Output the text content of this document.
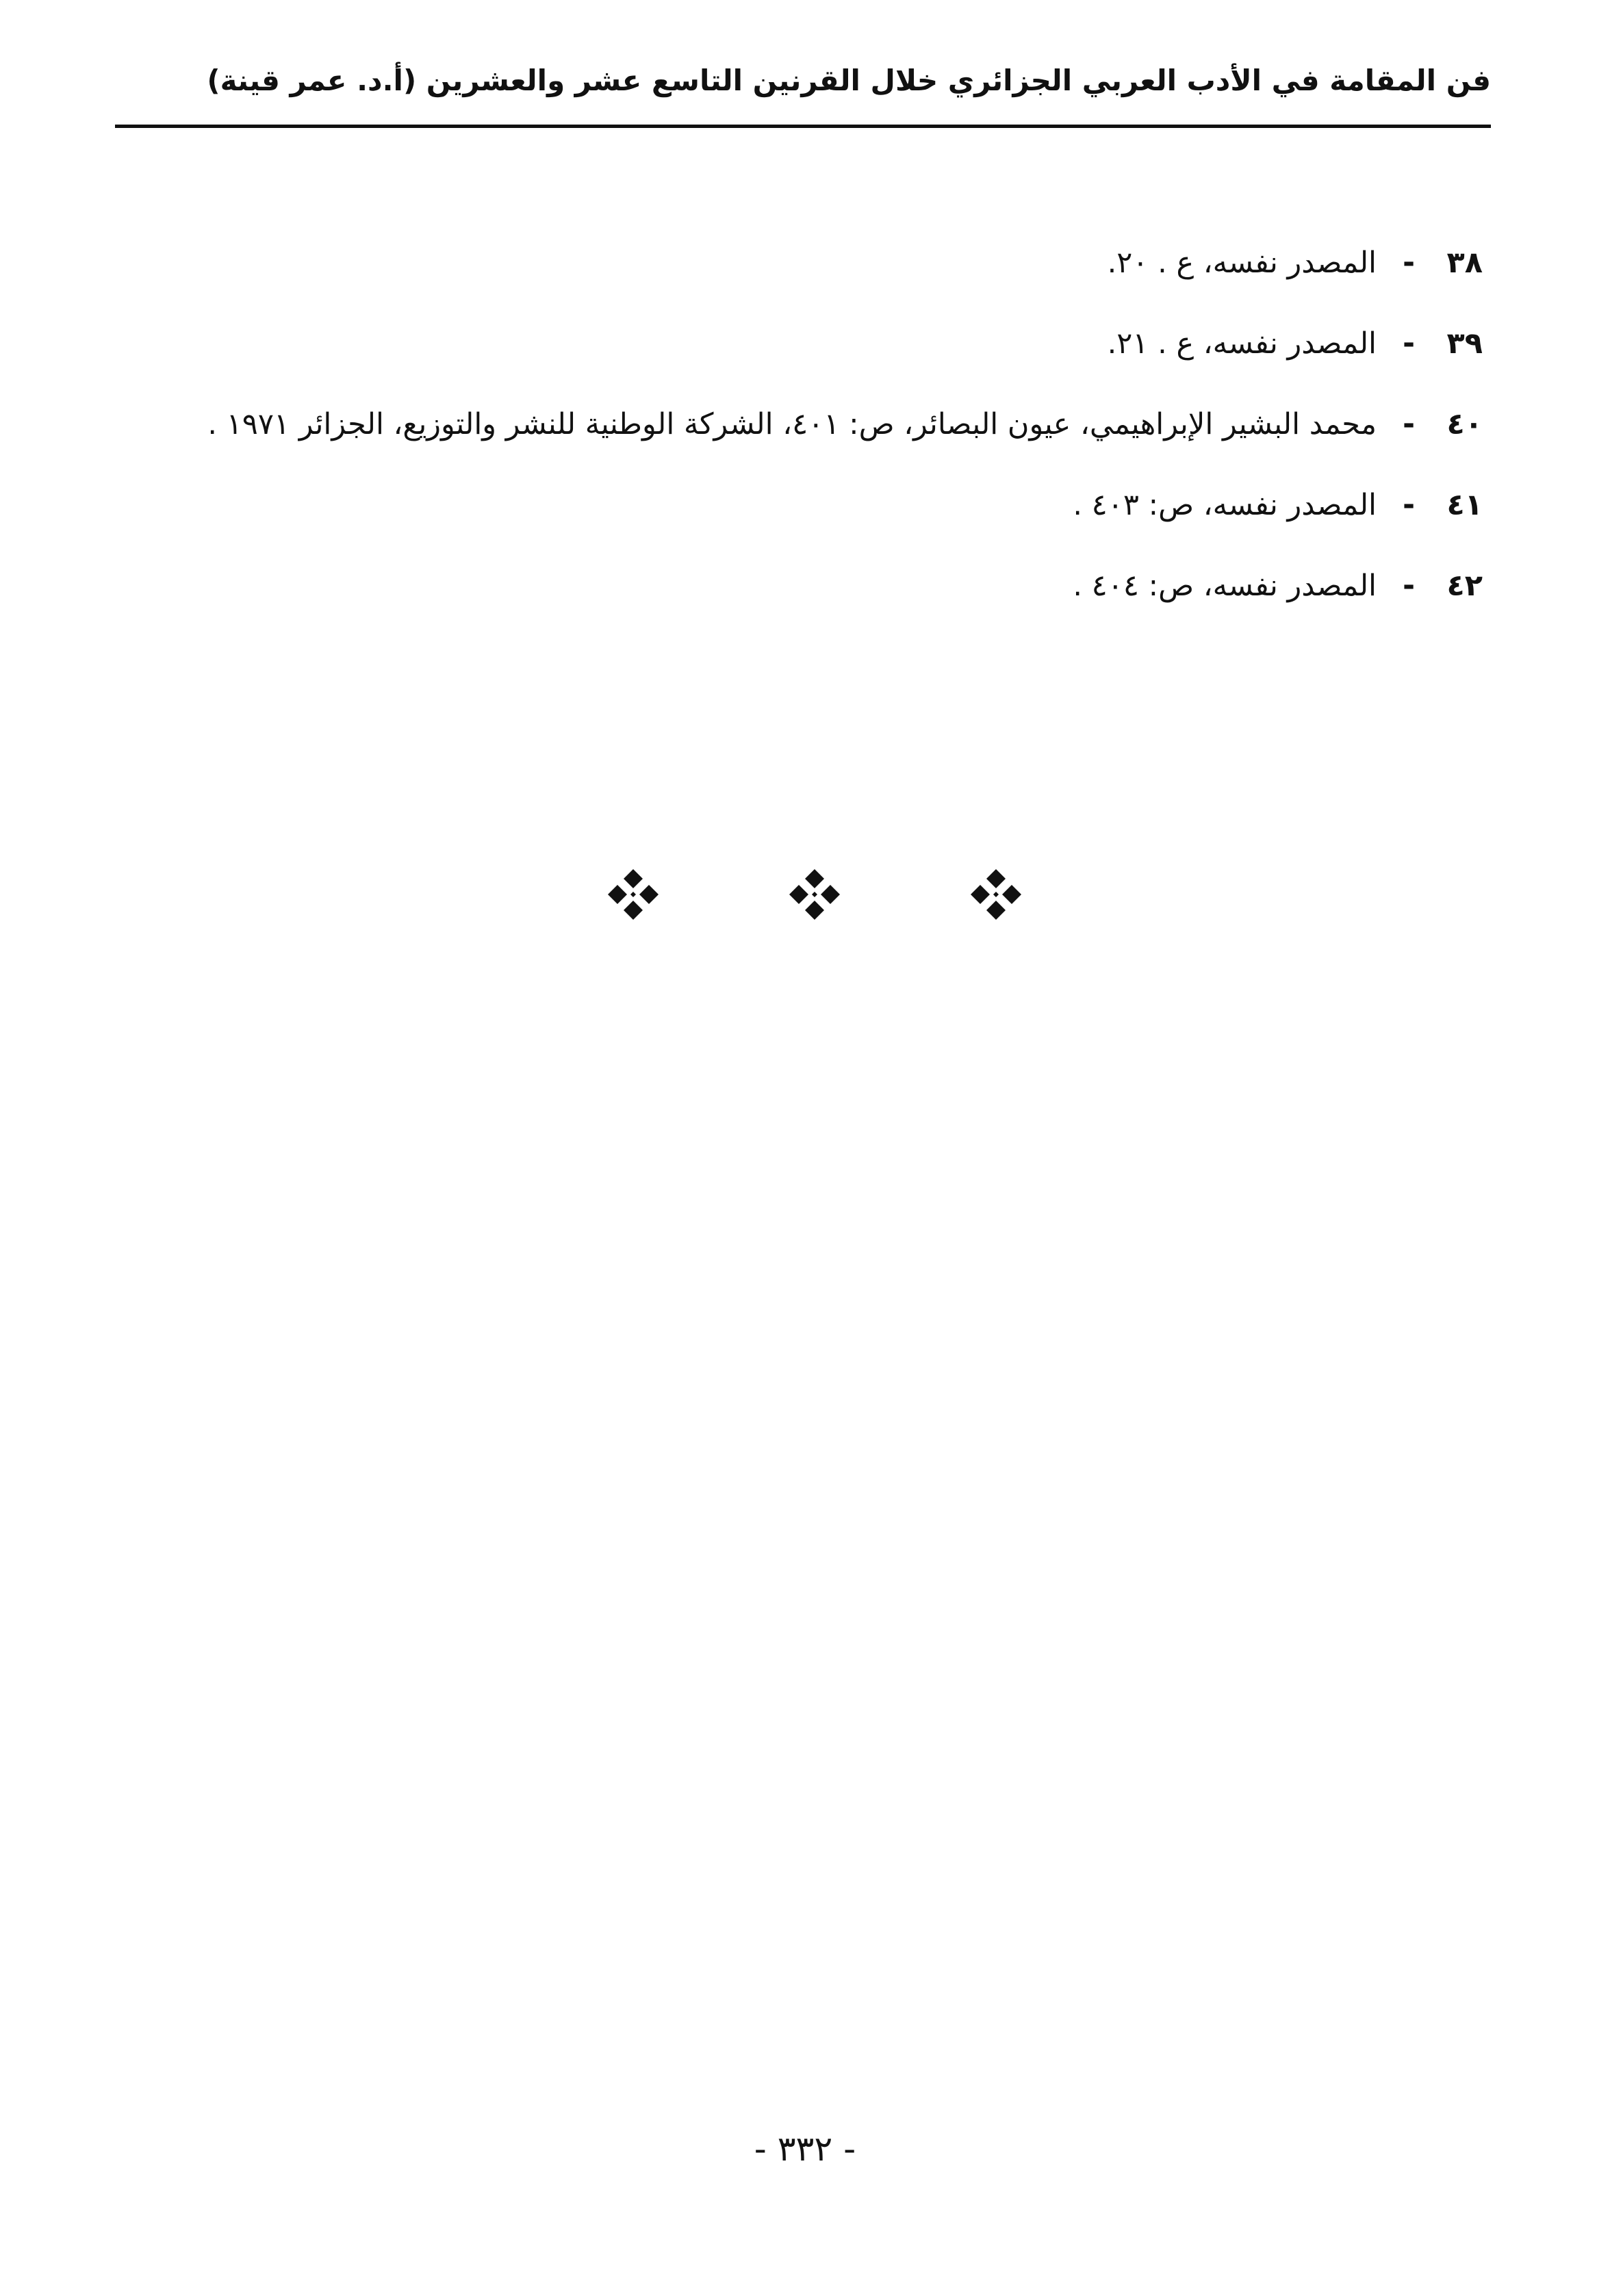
فن المقامة في الأدب العربي الجزائري خلال القرنين التاسع عشر والعشرين (أ.د. عمر قينة)
٣٨
-
المصدر نفسه، ع . ٢٠.
٣٩
-
المصدر نفسه، ع . ٢١.
٤٠
-
محمد البشير الإبراهيمي، عيون البصائر، ص: ٤٠١، الشركة الوطنية للنشر والتوزيع، الجزائر ١٩٧١ .
٤١
-
المصدر نفسه، ص: ٤٠٣ .
٤٢
-
المصدر نفسه، ص: ٤٠٤ .
- ٣٣٢ -
